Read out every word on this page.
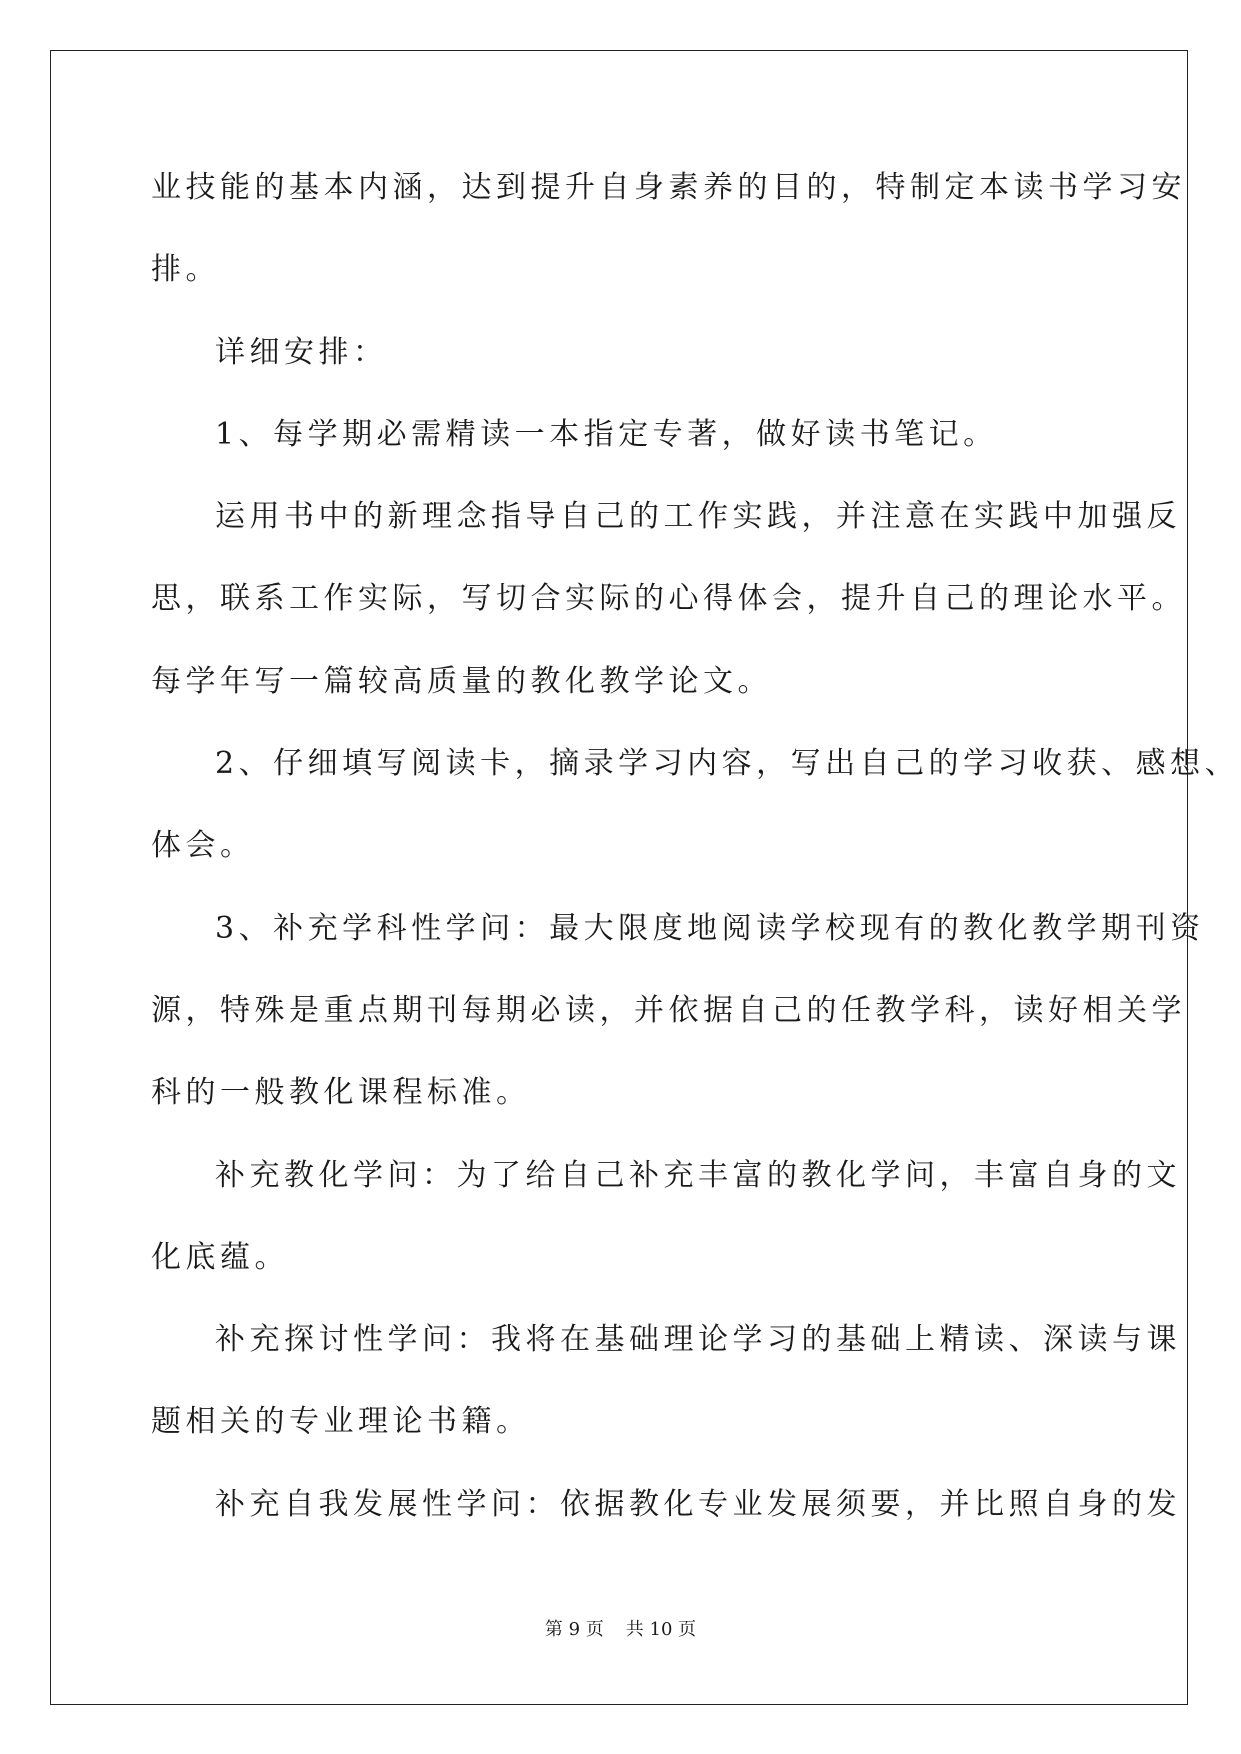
业技能的基本内涵，达到提升自身素养的目的，特制定本读书学习安
排。
详细安排：
1、每学期必需精读一本指定专著，做好读书笔记。
运用书中的新理念指导自己的工作实践，并注意在实践中加强反
思，联系工作实际，写切合实际的心得体会，提升自己的理论水平。
每学年写一篇较高质量的教化教学论文。
2、仔细填写阅读卡，摘录学习内容，写出自己的学习收获、感想、
体会。
3、补充学科性学问：最大限度地阅读学校现有的教化教学期刊资
源，特殊是重点期刊每期必读，并依据自己的任教学科，读好相关学
科的一般教化课程标准。
补充教化学问：为了给自己补充丰富的教化学问，丰富自身的文
化底蕴。
补充探讨性学问：我将在基础理论学习的基础上精读、深读与课
题相关的专业理论书籍。
补充自我发展性学问：依据教化专业发展须要，并比照自身的发
第 9 页 共 10 页
